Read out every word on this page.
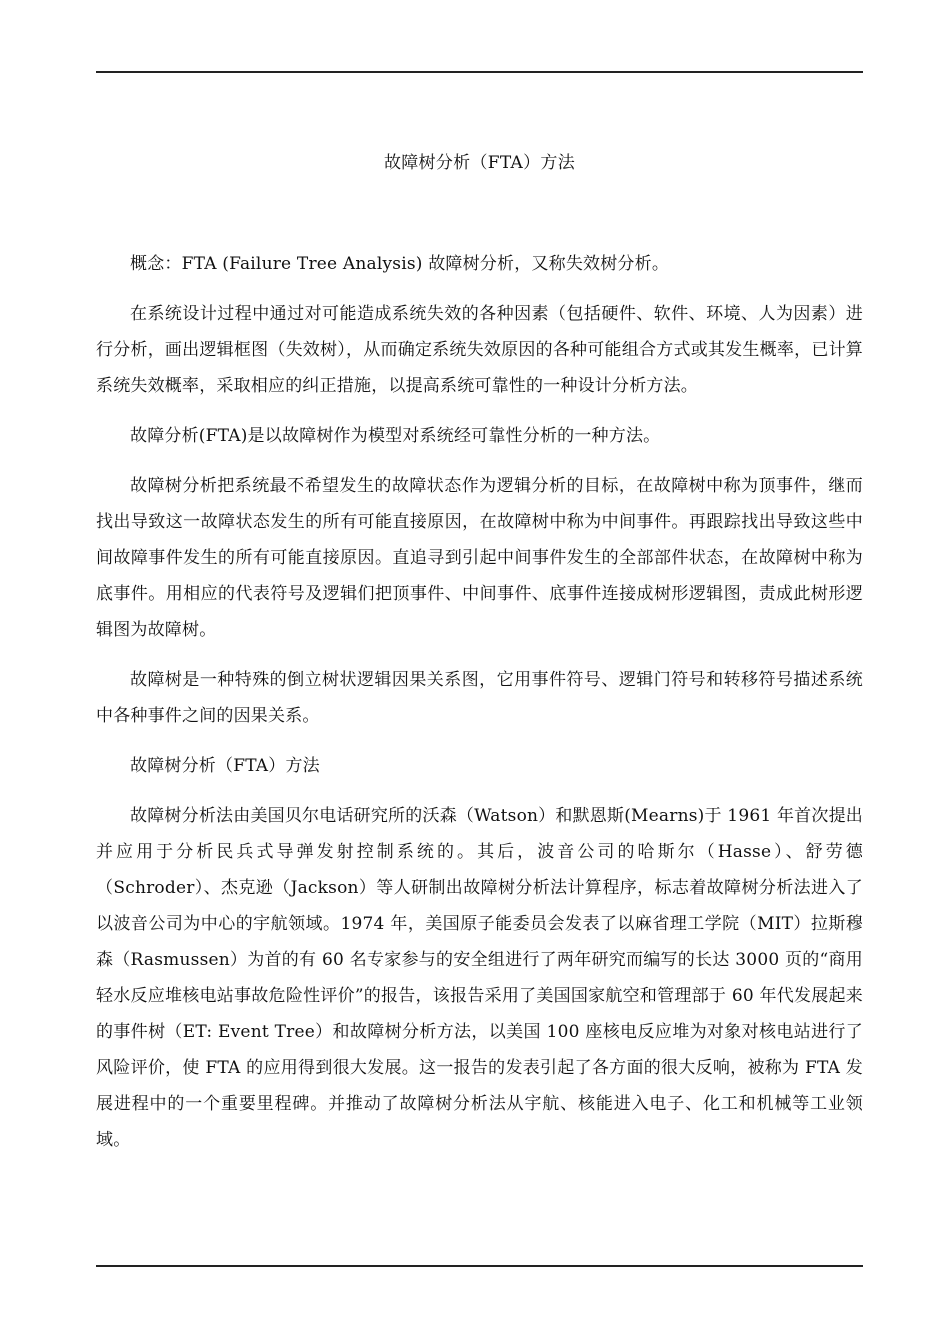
故障树分析（FTA）方法

概念：FTA (Failure Tree Analysis) 故障树分析，又称失效树分析。

在系统设计过程中通过对可能造成系统失效的各种因素（包括硬件、软件、环境、人为因素）进行分析，画出逻辑框图（失效树），从而确定系统失效原因的各种可能组合方式或其发生概率，已计算系统失效概率，采取相应的纠正措施，以提高系统可靠性的一种设计分析方法。

故障分析(FTA)是以故障树作为模型对系统经可靠性分析的一种方法。

故障树分析把系统最不希望发生的故障状态作为逻辑分析的目标，在故障树中称为顶事件，继而找出导致这一故障状态发生的所有可能直接原因，在故障树中称为中间事件。再跟踪找出导致这些中间故障事件发生的所有可能直接原因。直追寻到引起中间事件发生的全部部件状态，在故障树中称为底事件。用相应的代表符号及逻辑们把顶事件、中间事件、底事件连接成树形逻辑图，责成此树形逻辑图为故障树。

故障树是一种特殊的倒立树状逻辑因果关系图，它用事件符号、逻辑门符号和转移符号描述系统中各种事件之间的因果关系。

故障树分析（FTA）方法

故障树分析法由美国贝尔电话研究所的沃森（Watson）和默恩斯(Mearns)于 1961 年首次提出并应用于分析民兵式导弹发射控制系统的。其后，波音公司的哈斯尔（Hasse）、舒劳德（Schroder）、杰克逊（Jackson）等人研制出故障树分析法计算程序，标志着故障树分析法进入了以波音公司为中心的宇航领域。1974 年，美国原子能委员会发表了以麻省理工学院（MIT）拉斯穆森（Rasmussen）为首的有 60 名专家参与的安全组进行了两年研究而编写的长达 3000 页的“商用轻水反应堆核电站事故危险性评价”的报告，该报告采用了美国国家航空和管理部于 60 年代发展起来的事件树（ET: Event Tree）和故障树分析方法，以美国 100 座核电反应堆为对象对核电站进行了风险评价，使 FTA 的应用得到很大发展。这一报告的发表引起了各方面的很大反响，被称为 FTA 发展进程中的一个重要里程碑。并推动了故障树分析法从宇航、核能进入电子、化工和机械等工业领域。
